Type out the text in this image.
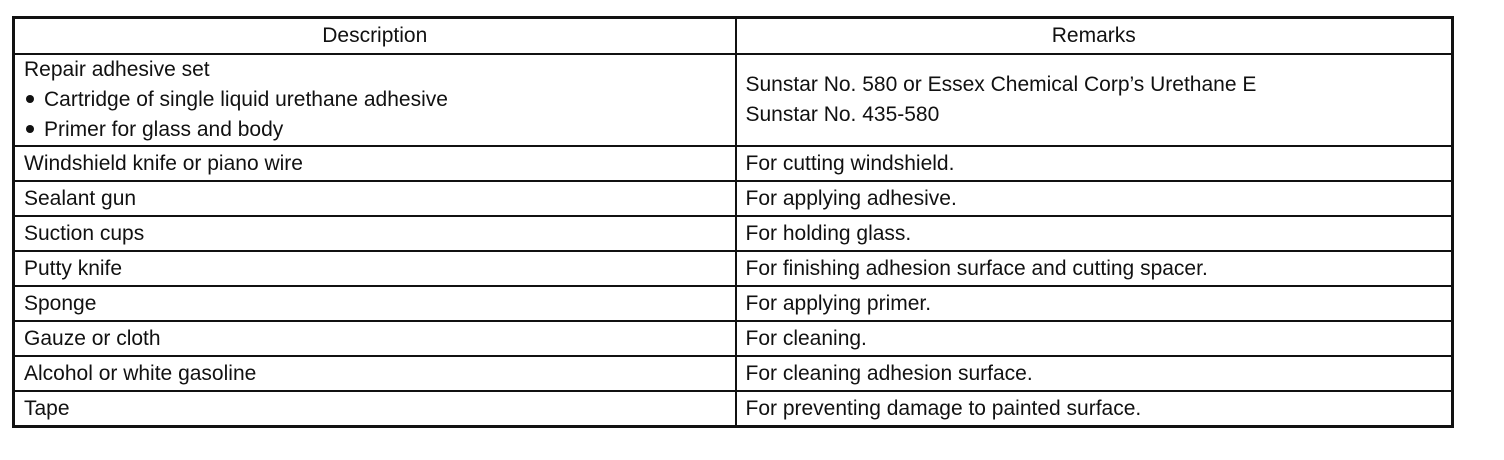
Description	Remarks

Repair adhesive set
Cartridge of single liquid urethane adhesive
Primer for glass and body	Sunstar No. 580 or Essex Chemical Corp’s Urethane E
Sunstar No. 435-580

Windshield knife or piano wire	For cutting windshield.
Sealant gun	For applying adhesive.
Suction cups	For holding glass.
Putty knife	For finishing adhesion surface and cutting spacer.
Sponge	For applying primer.
Gauze or cloth	For cleaning.
Alcohol or white gasoline	For cleaning adhesion surface.
Tape	For preventing damage to painted surface.
